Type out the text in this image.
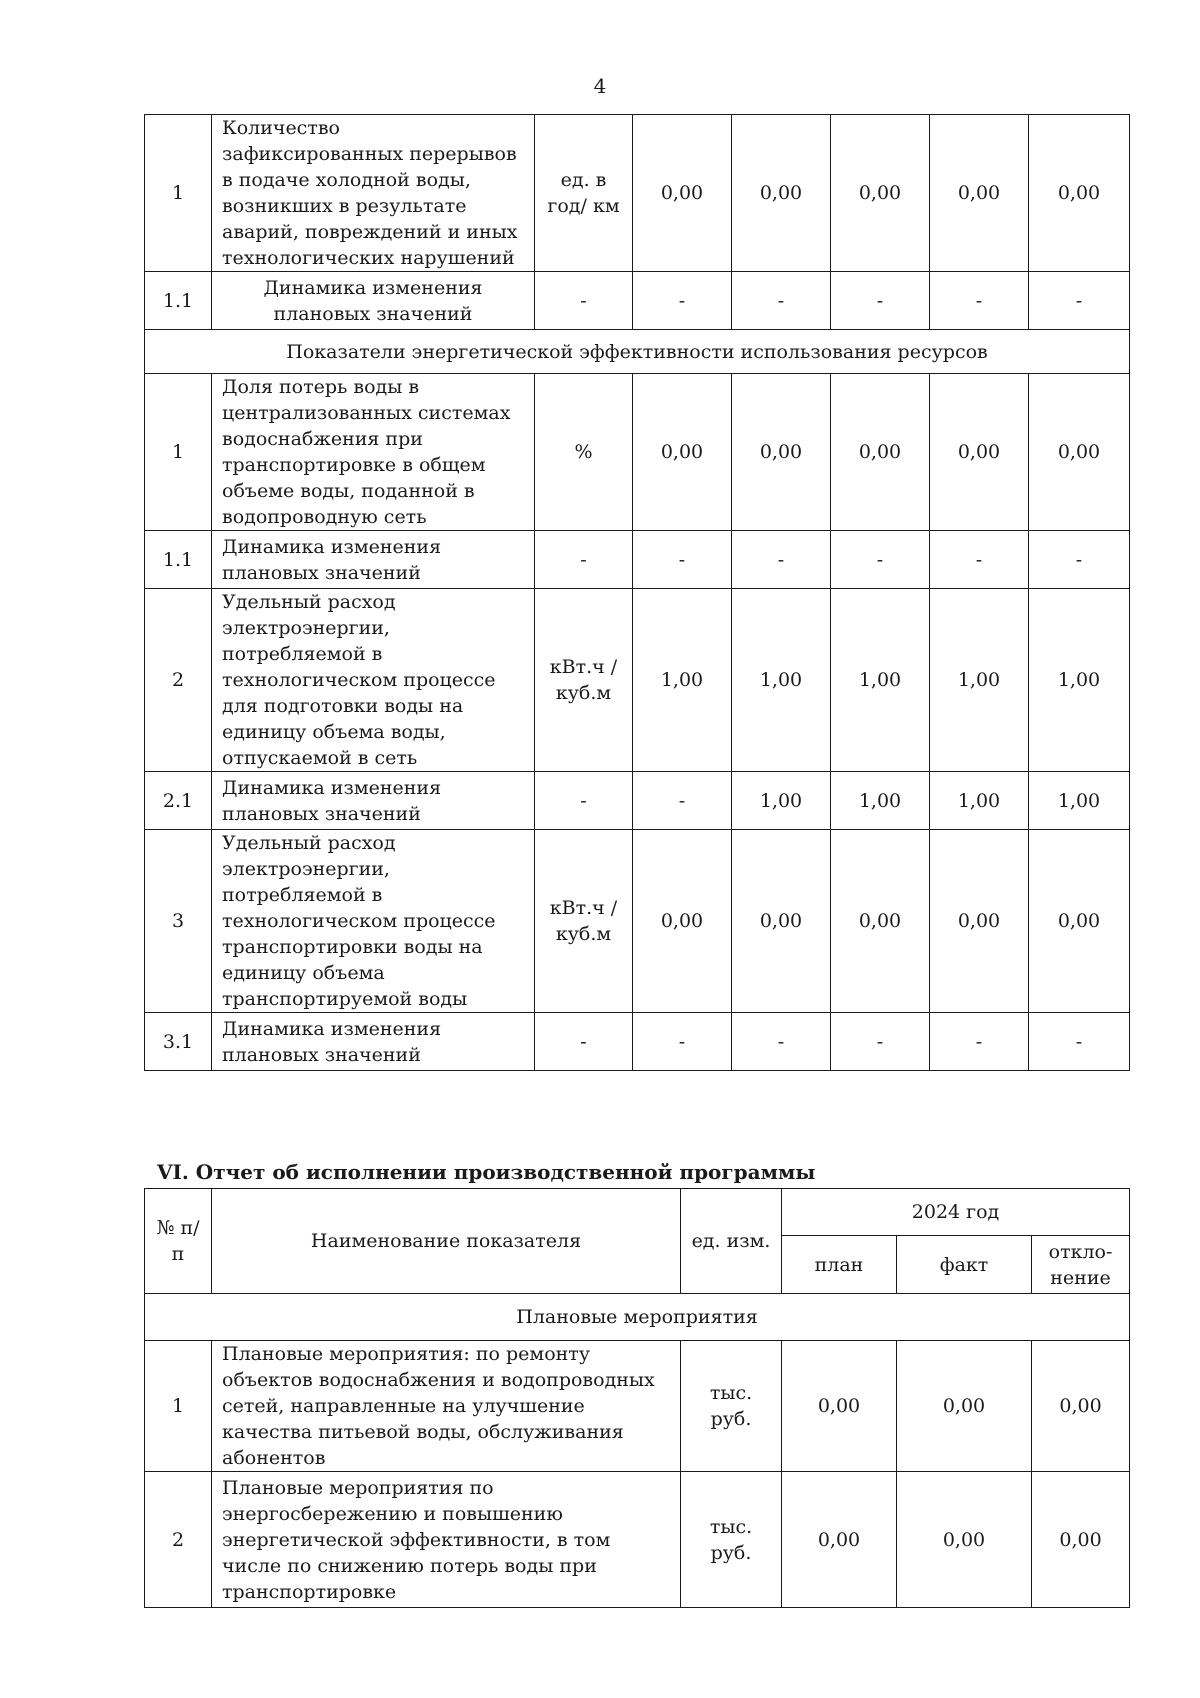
4
1	Количество зафиксированных перерывов в подаче холодной воды, возникших в результате аварий, повреждений и иных технологических нарушений	ед. в год/ км	0,00	0,00	0,00	0,00	0,00
1.1	Динамика изменения плановых значений	-	-	-	-	-	-
Показатели энергетической эффективности использования ресурсов							
1	Доля потерь воды в централизованных системах водоснабжения при транспортировке в общем объеме воды, поданной в водопроводную сеть	%	0,00	0,00	0,00	0,00	0,00
1.1	Динамика изменения плановых значений	-	-	-	-	-	-
2	Удельный расход электроэнергии, потребляемой в технологическом процессе для подготовки воды на единицу объема воды, отпускаемой в сеть	кВт.ч / куб.м	1,00	1,00	1,00	1,00	1,00
2.1	Динамика изменения плановых значений	-	-	1,00	1,00	1,00	1,00
3	Удельный расход электроэнергии, потребляемой в технологическом процессе транспортировки воды на единицу объема транспортируемой воды	кВт.ч / куб.м	0,00	0,00	0,00	0,00	0,00
3.1	Динамика изменения плановых значений	-	-	-	-	-	-
VI. Отчет об исполнении производственной программы
№ п/п	Наименование показателя	ед. изм.	2024 год		
			план	факт	откло-нение
Плановые мероприятия					
1	Плановые мероприятия: по ремонту объектов водоснабжения и водопроводных сетей, направленные на улучшение качества питьевой воды, обслуживания абонентов	тыс. руб.	0,00	0,00	0,00
2	Плановые мероприятия по энергосбережению и повышению энергетической эффективности, в том числе по снижению потерь воды при транспортировке	тыс. руб.	0,00	0,00	0,00
